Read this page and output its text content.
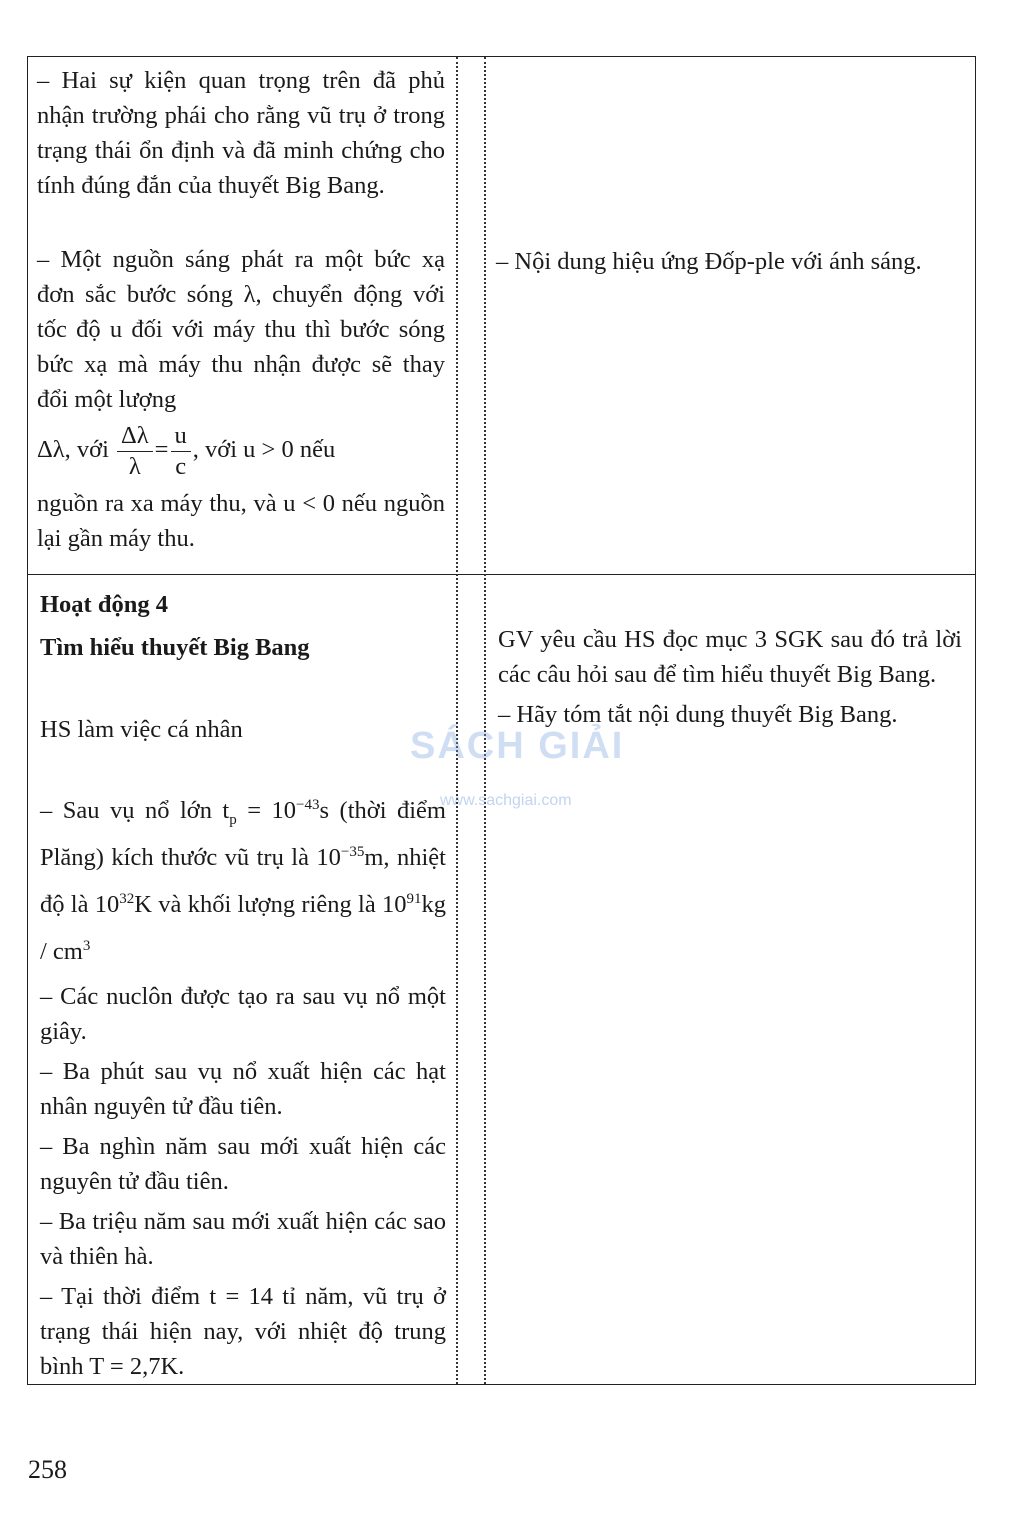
– Hai sự kiện quan trọng trên đã phủ nhận trường phái cho rằng vũ trụ ở trong trạng thái ổn định và đã minh chứng cho tính đúng đắn của thuyết Big Bang.

– Một nguồn sáng phát ra một bức xạ đơn sắc bước sóng λ, chuyển động với tốc độ u đối với máy thu thì bước sóng bức xạ mà máy thu nhận được sẽ thay đổi một lượng

Δλ, với $\frac{\Delta\lambda}{\lambda} = \frac{u}{c}$ , với u > 0 nếu

nguồn ra xa máy thu, và u < 0 nếu nguồn lại gần máy thu.

– Nội dung hiệu ứng Đốp-ple với ánh sáng.

Hoạt động 4

Tìm hiểu thuyết Big Bang

HS làm việc cá nhân

– Sau vụ nổ lớn $t_p = 10^{-43}s$ (thời điểm Plăng) kích thước vũ trụ là $10^{-35}m$, nhiệt độ là $10^{32}K$ và khối lượng riêng là $10^{91}kg / cm^3$

– Các nuclôn được tạo ra sau vụ nổ một giây.

– Ba phút sau vụ nổ xuất hiện các hạt nhân nguyên tử đầu tiên.

– Ba nghìn năm sau mới xuất hiện các nguyên tử đầu tiên.

– Ba triệu năm sau mới xuất hiện các sao và thiên hà.

– Tại thời điểm t = 14 tỉ năm, vũ trụ ở trạng thái hiện nay, với nhiệt độ trung bình T = 2,7K.

GV yêu cầu HS đọc mục 3 SGK sau đó trả lời các câu hỏi sau để tìm hiểu thuyết Big Bang.

– Hãy tóm tắt nội dung thuyết Big Bang.

SÁCH GIẢI
www.sachgiai.com
258
